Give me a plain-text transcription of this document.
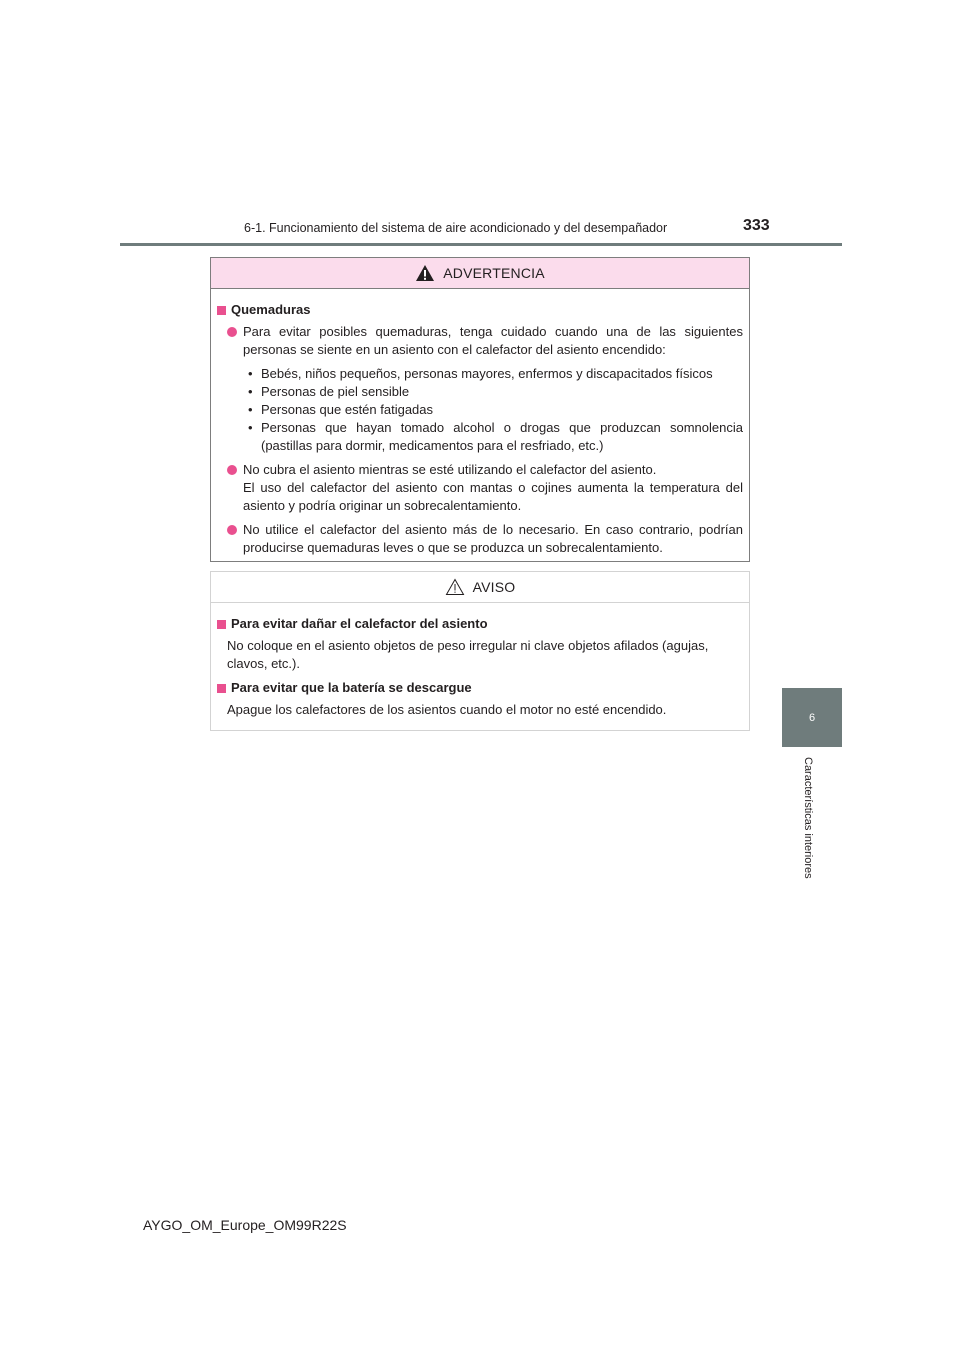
6-1. Funcionamiento del sistema de aire acondicionado y del desempañador	333
6
Características interiores
ADVERTENCIA
Quemaduras
Para evitar posibles quemaduras, tenga cuidado cuando una de las siguientes personas se siente en un asiento con el calefactor del asiento encendido:
• Bebés, niños pequeños, personas mayores, enfermos y discapacitados físicos
• Personas de piel sensible
• Personas que estén fatigadas
• Personas que hayan tomado alcohol o drogas que produzcan somnolencia (pastillas para dormir, medicamentos para el resfriado, etc.)
No cubra el asiento mientras se esté utilizando el calefactor del asiento.
El uso del calefactor del asiento con mantas o cojines aumenta la temperatura del asiento y podría originar un sobrecalentamiento.
No utilice el calefactor del asiento más de lo necesario. En caso contrario, podrían producirse quemaduras leves o que se produzca un sobrecalentamiento.
AVISO
Para evitar dañar el calefactor del asiento
No coloque en el asiento objetos de peso irregular ni clave objetos afilados (agujas, clavos, etc.).
Para evitar que la batería se descargue
Apague los calefactores de los asientos cuando el motor no esté encendido.
AYGO_OM_Europe_OM99R22S
